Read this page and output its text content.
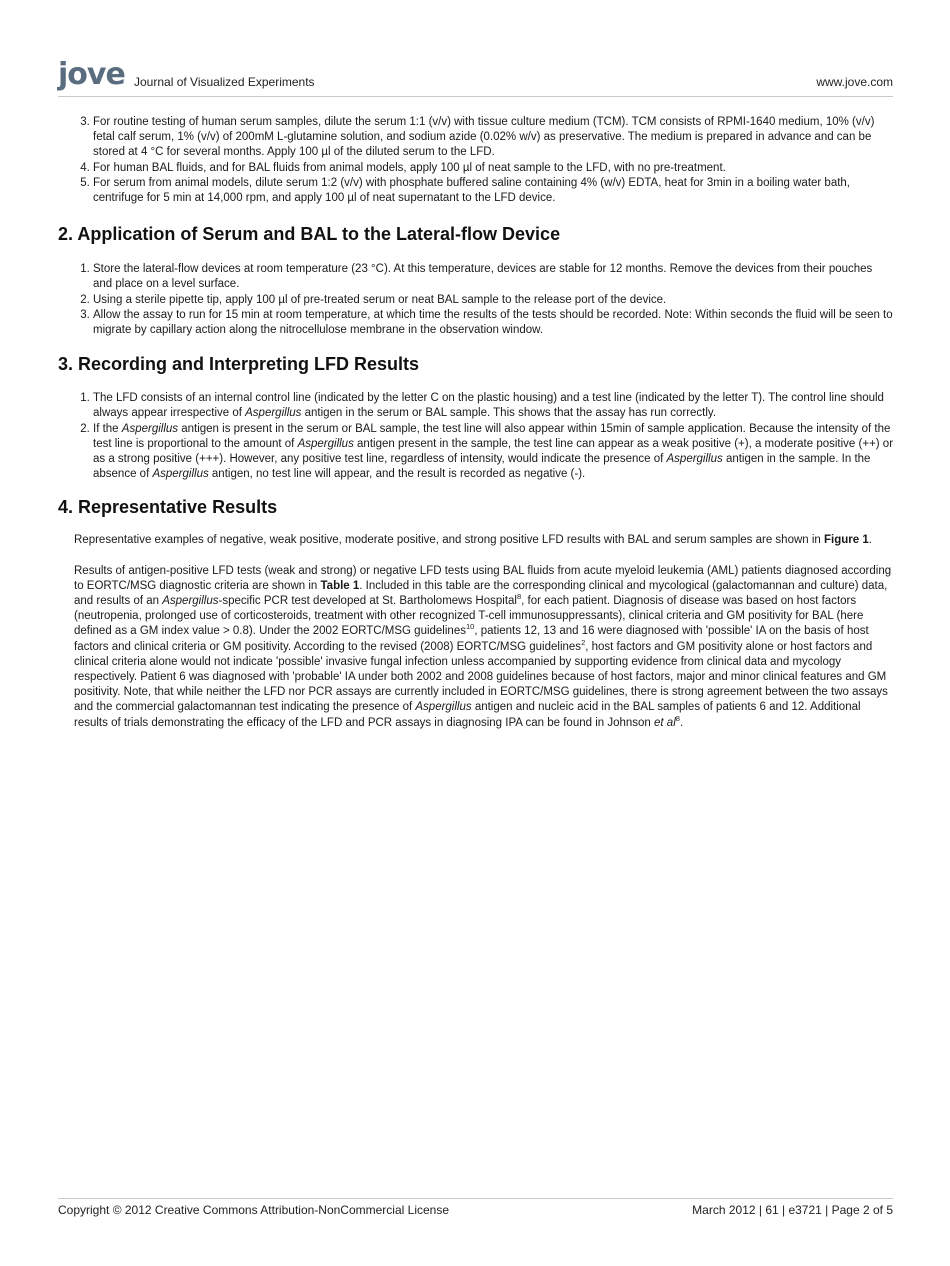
jove Journal of Visualized Experiments	www.jove.com
3. For routine testing of human serum samples, dilute the serum 1:1 (v/v) with tissue culture medium (TCM). TCM consists of RPMI-1640 medium, 10% (v/v) fetal calf serum, 1% (v/v) of 200mM L-glutamine solution, and sodium azide (0.02% w/v) as preservative. The medium is prepared in advance and can be stored at 4 °C for several months. Apply 100 µl of the diluted serum to the LFD.
4. For human BAL fluids, and for BAL fluids from animal models, apply 100 µl of neat sample to the LFD, with no pre-treatment.
5. For serum from animal models, dilute serum 1:2 (v/v) with phosphate buffered saline containing 4% (w/v) EDTA, heat for 3min in a boiling water bath, centrifuge for 5 min at 14,000 rpm, and apply 100 µl of neat supernatant to the LFD device.
2. Application of Serum and BAL to the Lateral-flow Device
1. Store the lateral-flow devices at room temperature (23 °C). At this temperature, devices are stable for 12 months. Remove the devices from their pouches and place on a level surface.
2. Using a sterile pipette tip, apply 100 µl of pre-treated serum or neat BAL sample to the release port of the device.
3. Allow the assay to run for 15 min at room temperature, at which time the results of the tests should be recorded. Note: Within seconds the fluid will be seen to migrate by capillary action along the nitrocellulose membrane in the observation window.
3. Recording and Interpreting LFD Results
1. The LFD consists of an internal control line (indicated by the letter C on the plastic housing) and a test line (indicated by the letter T). The control line should always appear irrespective of Aspergillus antigen in the serum or BAL sample. This shows that the assay has run correctly.
2. If the Aspergillus antigen is present in the serum or BAL sample, the test line will also appear within 15min of sample application. Because the intensity of the test line is proportional to the amount of Aspergillus antigen present in the sample, the test line can appear as a weak positive (+), a moderate positive (++) or as a strong positive (+++). However, any positive test line, regardless of intensity, would indicate the presence of Aspergillus antigen in the sample. In the absence of Aspergillus antigen, no test line will appear, and the result is recorded as negative (-).
4. Representative Results

Representative examples of negative, weak positive, moderate positive, and strong positive LFD results with BAL and serum samples are shown in Figure 1.

Results of antigen-positive LFD tests (weak and strong) or negative LFD tests using BAL fluids from acute myeloid leukemia (AML) patients diagnosed according to EORTC/MSG diagnostic criteria are shown in Table 1. Included in this table are the corresponding clinical and mycological (galactomannan and culture) data, and results of an Aspergillus-specific PCR test developed at St. Bartholomews Hospital$^8$, for each patient. Diagnosis of disease was based on host factors (neutropenia, prolonged use of corticosteroids, treatment with other recognized T-cell immunosuppressants), clinical criteria and GM positivity for BAL (here defined as a GM index value > 0.8). Under the 2002 EORTC/MSG guidelines$^{10}$, patients 12, 13 and 16 were diagnosed with 'possible' IA on the basis of host factors and clinical criteria or GM positivity. According to the revised (2008) EORTC/MSG guidelines$^2$, host factors and GM positivity alone or host factors and clinical criteria alone would not indicate 'possible' invasive fungal infection unless accompanied by supporting evidence from clinical data and mycology respectively. Patient 6 was diagnosed with 'probable' IA under both 2002 and 2008 guidelines because of host factors, major and minor clinical features and GM positivity. Note, that while neither the LFD nor PCR assays are currently included in EORTC/MSG guidelines, there is strong agreement between the two assays and the commercial galactomannan test indicating the presence of Aspergillus antigen and nucleic acid in the BAL samples of patients 6 and 12. Additional results of trials demonstrating the efficacy of the LFD and PCR assays in diagnosing IPA can be found in Johnson et $al^8$.

Copyright © 2012 Creative Commons Attribution-NonCommercial License	March 2012 | 61 | e3721 | Page 2 of 5
